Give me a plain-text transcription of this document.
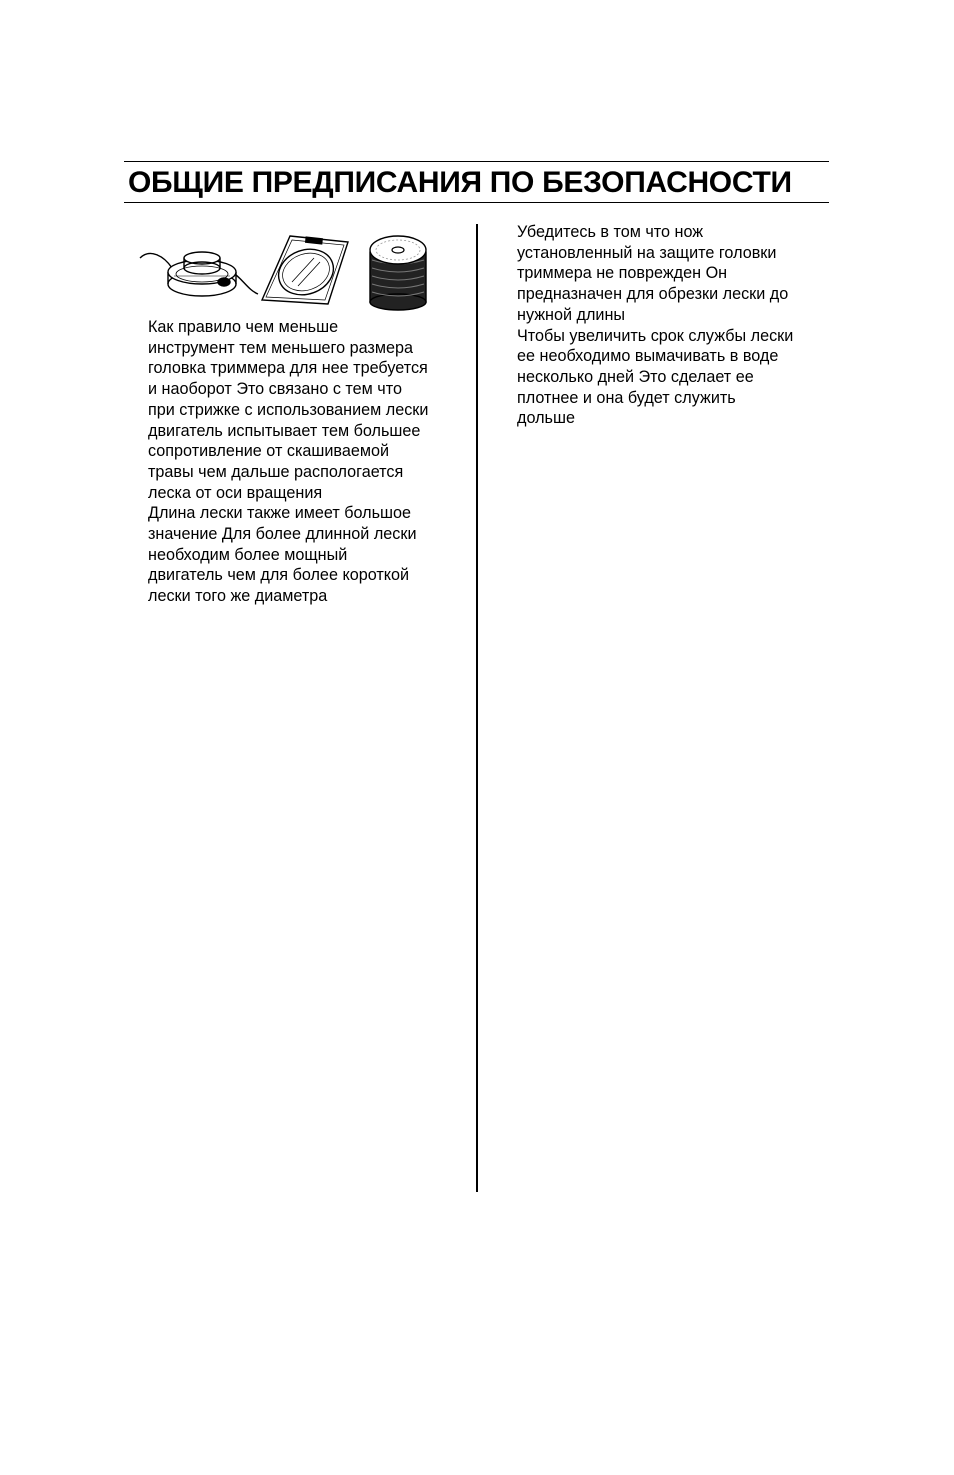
ОБЩИЕ ПРЕДПИСАНИЯ ПО БЕЗОПАСНОСТИ

Как правило чем меньше
инструмент тем меньшего размера
головка триммера для нее требуется
и наоборот Это связано с тем что
при стрижке с использованием лески
двигатель испытывает тем большее
сопротивление от скашиваемой
травы чем дальше распологается
леска от оси вращения

Длина лески также имеет большое
значение Для более длинной лески
необходим более мощный
двигатель чем для более короткой
лески того же диаметра

Убедитесь в том что нож
установленный на защите головки
триммера не поврежден Он
предназначен для обрезки лески до
нужной длины

Чтобы увеличить срок службы лески
ее необходимо вымачивать в воде
несколько дней Это сделает ее
плотнее и она будет служить
дольше
